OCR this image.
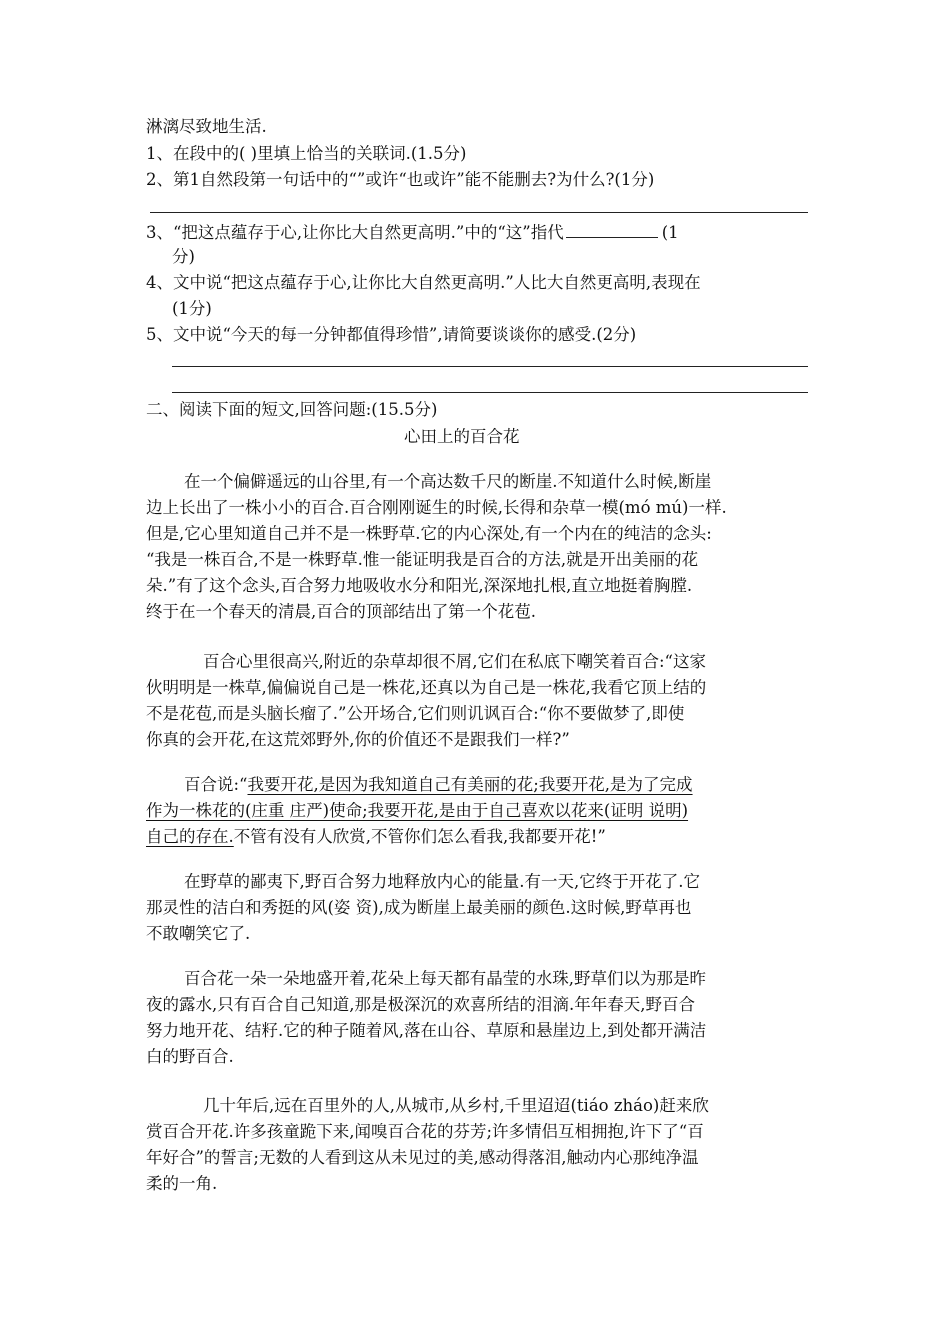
淋漓尽致地生活.
1、在段中的( )里填上恰当的关联词.(1.5分)
2、第1自然段第一句话中的“”或许“也或许”能不能删去?为什么?(1分)
3、“把这点蕴存于心,让你比大自然更高明.”中的“这”指代	(1
分)
4、文中说“把这点蕴存于心,让你比大自然更高明.”人比大自然更高明,表现在
(1分)
5、文中说“今天的每一分钟都值得珍惜”,请简要谈谈你的感受.(2分)
二、阅读下面的短文,回答问题:(15.5分)
心田上的百合花
在一个偏僻遥远的山谷里,有一个高达数千尺的断崖.不知道什么时候,断崖
边上长出了一株小小的百合.百合刚刚诞生的时候,长得和杂草一模(mó mú)一样.
但是,它心里知道自己并不是一株野草.它的内心深处,有一个内在的纯洁的念头:
“我是一株百合,不是一株野草.惟一能证明我是百合的方法,就是开出美丽的花
朵.”有了这个念头,百合努力地吸收水分和阳光,深深地扎根,直立地挺着胸膛.
终于在一个春天的清晨,百合的顶部结出了第一个花苞.
百合心里很高兴,附近的杂草却很不屑,它们在私底下嘲笑着百合:“这家
伙明明是一株草,偏偏说自己是一株花,还真以为自己是一株花,我看它顶上结的
不是花苞,而是头脑长瘤了.”公开场合,它们则讥讽百合:“你不要做梦了,即使
你真的会开花,在这荒郊野外,你的价值还不是跟我们一样?”
百合说:“我要开花,是因为我知道自己有美丽的花;我要开花,是为了完成
作为一株花的(庄重 庄严)使命;我要开花,是由于自己喜欢以花来(证明 说明)
自己的存在.不管有没有人欣赏,不管你们怎么看我,我都要开花!”
在野草的鄙夷下,野百合努力地释放内心的能量.有一天,它终于开花了.它
那灵性的洁白和秀挺的风(姿 资),成为断崖上最美丽的颜色.这时候,野草再也
不敢嘲笑它了.
百合花一朵一朵地盛开着,花朵上每天都有晶莹的水珠,野草们以为那是昨
夜的露水,只有百合自己知道,那是极深沉的欢喜所结的泪滴.年年春天,野百合
努力地开花、结籽.它的种子随着风,落在山谷、草原和悬崖边上,到处都开满洁
白的野百合.
几十年后,远在百里外的人,从城市,从乡村,千里迢迢(tiáo zháo)赶来欣
赏百合开花.许多孩童跪下来,闻嗅百合花的芬芳;许多情侣互相拥抱,许下了“百
年好合”的誓言;无数的人看到这从未见过的美,感动得落泪,触动内心那纯净温
柔的一角.
